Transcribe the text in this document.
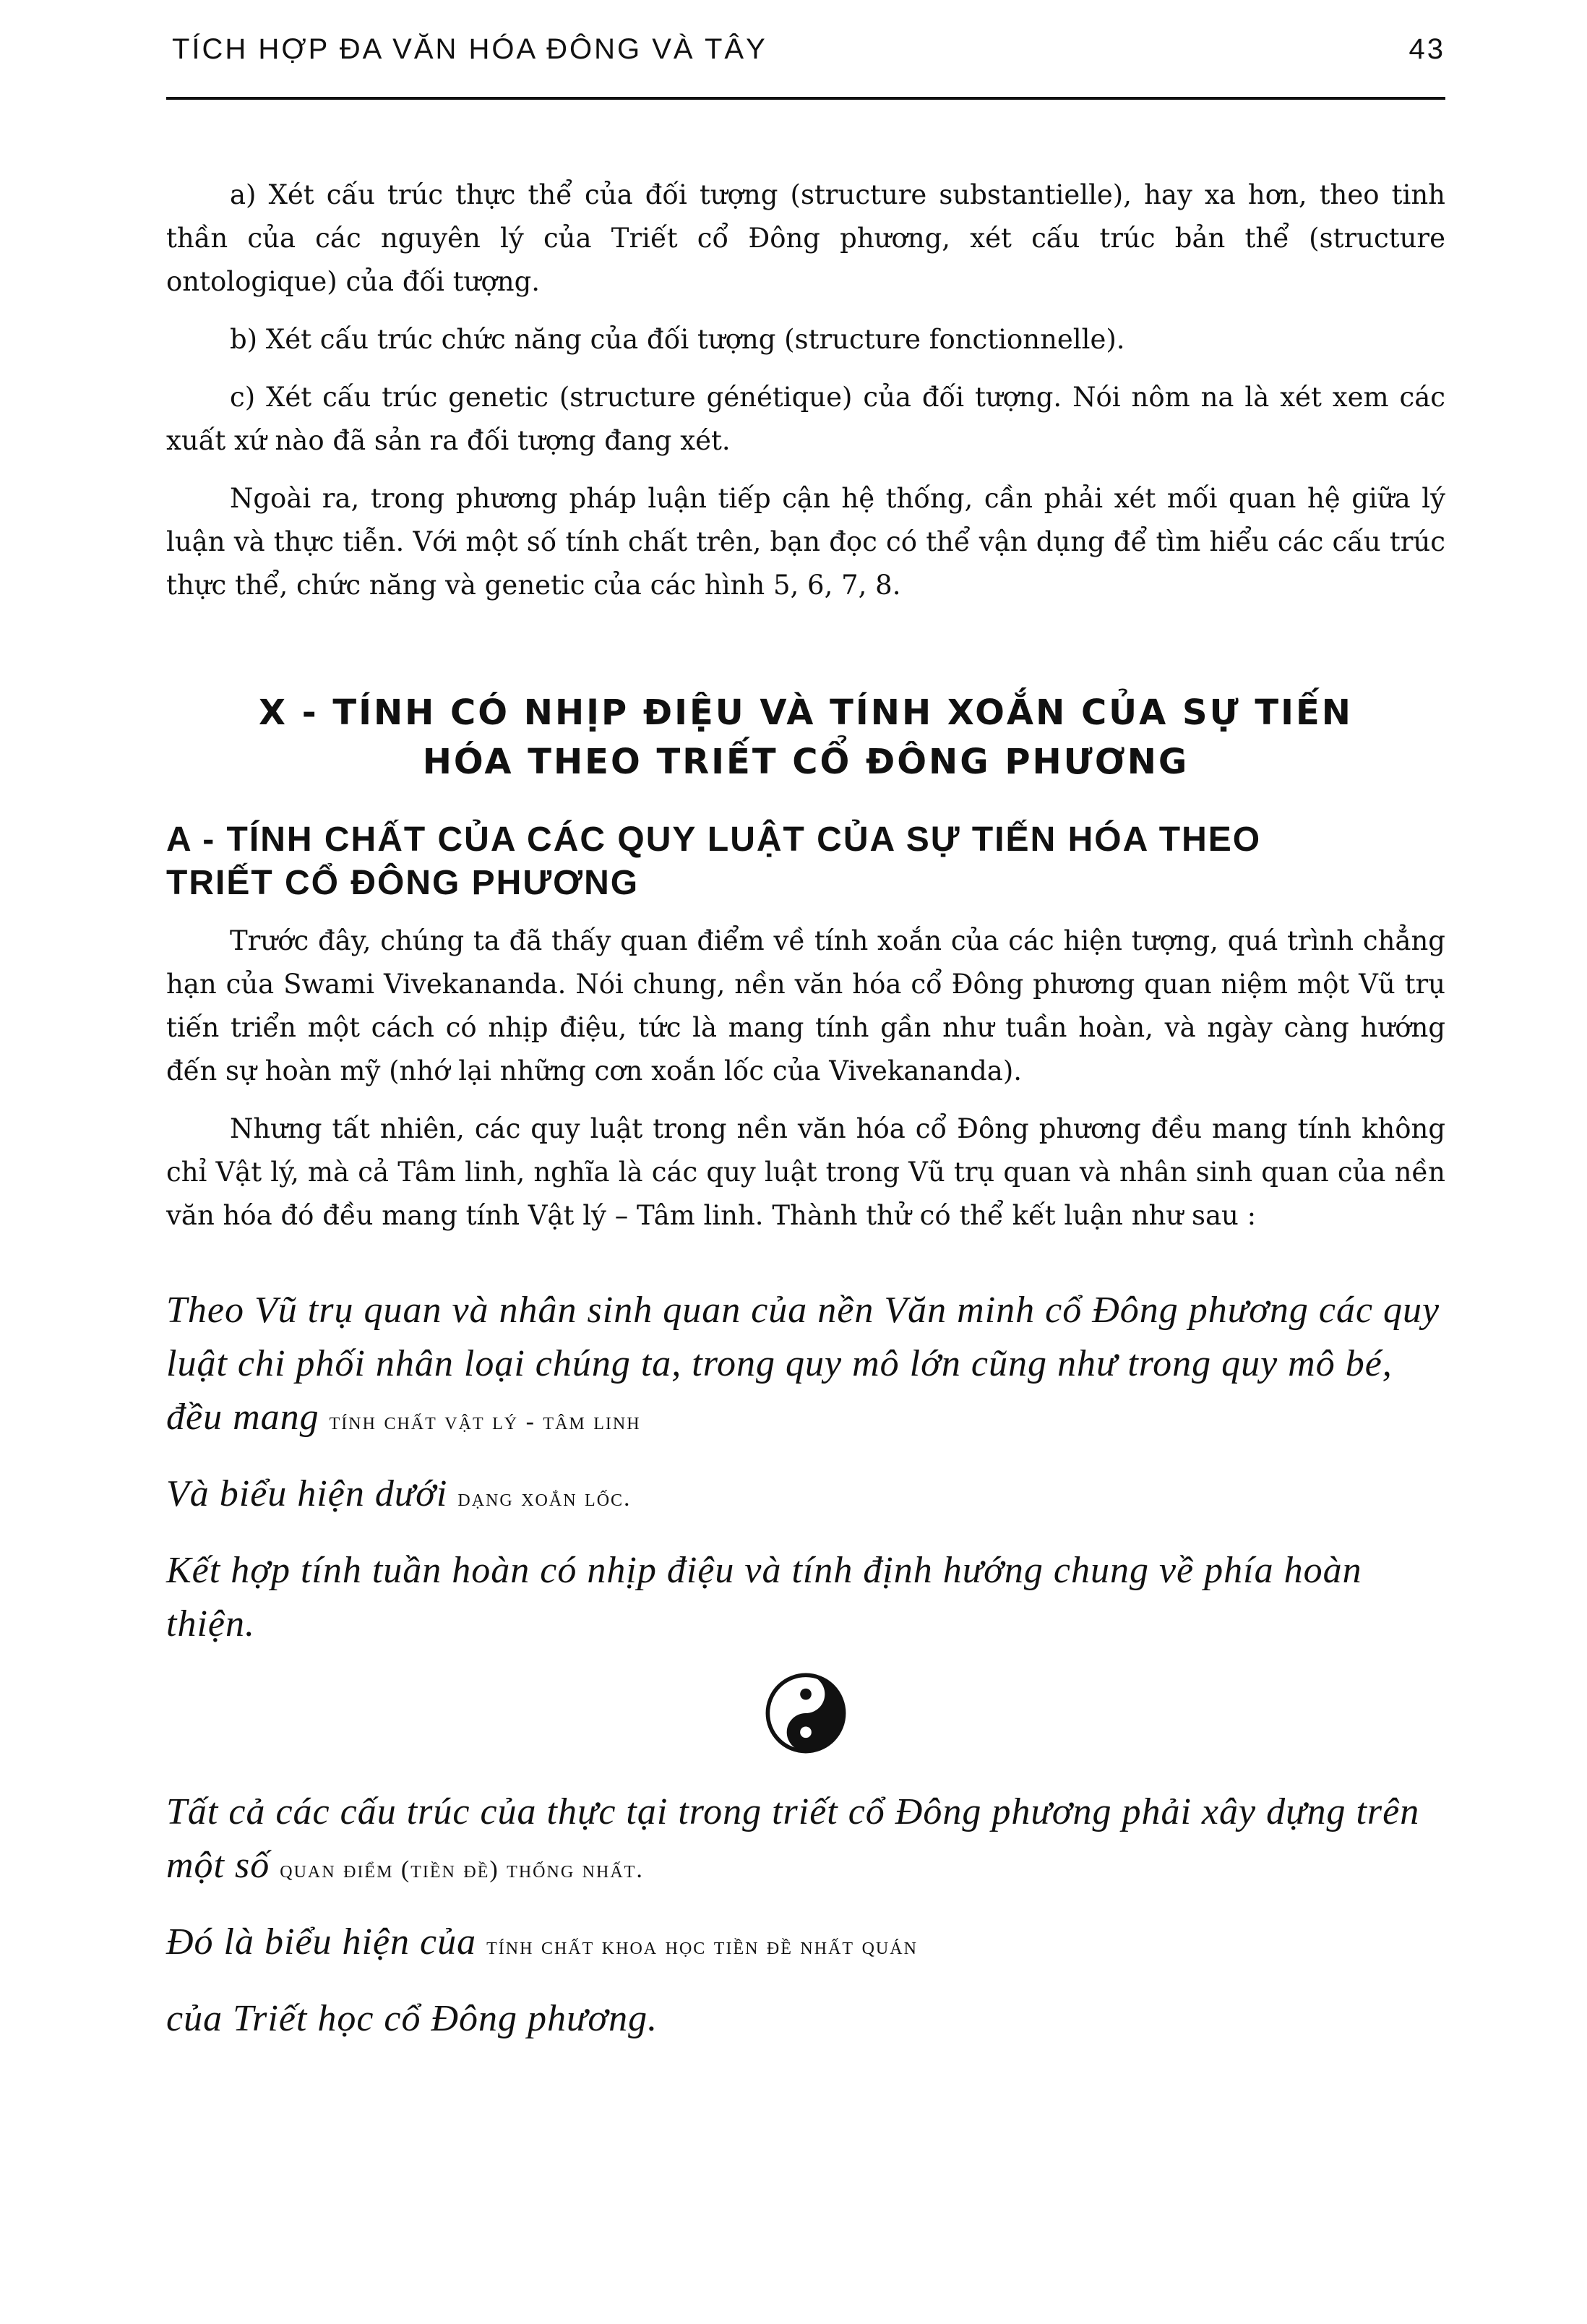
TÍCH HỢP ĐA VĂN HÓA ĐÔNG VÀ TÂY	43

a) Xét cấu trúc thực thể của đối tượng (structure substantielle), hay xa hơn, theo tinh thần của các nguyên lý của Triết cổ Đông phương, xét cấu trúc bản thể (structure ontologique) của đối tượng.

b) Xét cấu trúc chức năng của đối tượng (structure fonctionnelle).

c) Xét cấu trúc genetic (structure génétique) của đối tượng. Nói nôm na là xét xem các xuất xứ nào đã sản ra đối tượng đang xét.

Ngoài ra, trong phương pháp luận tiếp cận hệ thống, cần phải xét mối quan hệ giữa lý luận và thực tiễn. Với một số tính chất trên, bạn đọc có thể vận dụng để tìm hiểu các cấu trúc thực thể, chức năng và genetic của các hình 5, 6, 7, 8.

X - TÍNH CÓ NHỊP ĐIỆU VÀ TÍNH XOẮN CỦA SỰ TIẾN
HÓA THEO TRIẾT CỔ ĐÔNG PHƯƠNG
A - TÍNH CHẤT CỦA CÁC QUY LUẬT CỦA SỰ TIẾN HÓA THEO
TRIẾT CỔ ĐÔNG PHƯƠNG

Trước đây, chúng ta đã thấy quan điểm về tính xoắn của các hiện tượng, quá trình chẳng hạn của Swami Vivekananda. Nói chung, nền văn hóa cổ Đông phương quan niệm một Vũ trụ tiến triển một cách có nhịp điệu, tức là mang tính gần như tuần hoàn, và ngày càng hướng đến sự hoàn mỹ (nhớ lại những cơn xoắn lốc của Vivekananda).

Nhưng tất nhiên, các quy luật trong nền văn hóa cổ Đông phương đều mang tính không chỉ Vật lý, mà cả Tâm linh, nghĩa là các quy luật trong Vũ trụ quan và nhân sinh quan của nền văn hóa đó đều mang tính Vật lý – Tâm linh. Thành thử có thể kết luận như sau :

Theo Vũ trụ quan và nhân sinh quan của nền Văn minh cổ Đông phương các quy luật chi phối nhân loại chúng ta, trong quy mô lớn cũng như trong quy mô bé, đều mang tính chất vật lý - tâm linh
Và biểu hiện dưới dạng xoắn lốc.
Kết hợp tính tuần hoàn có nhịp điệu và tính định hướng chung về phía hoàn thiện.
Tất cả các cấu trúc của thực tại trong triết cổ Đông phương phải xây dựng trên một số quan điểm (tiền đề) thống nhất.
Đó là biểu hiện của tính chất khoa học tiền đề nhất quán
của Triết học cổ Đông phương.
